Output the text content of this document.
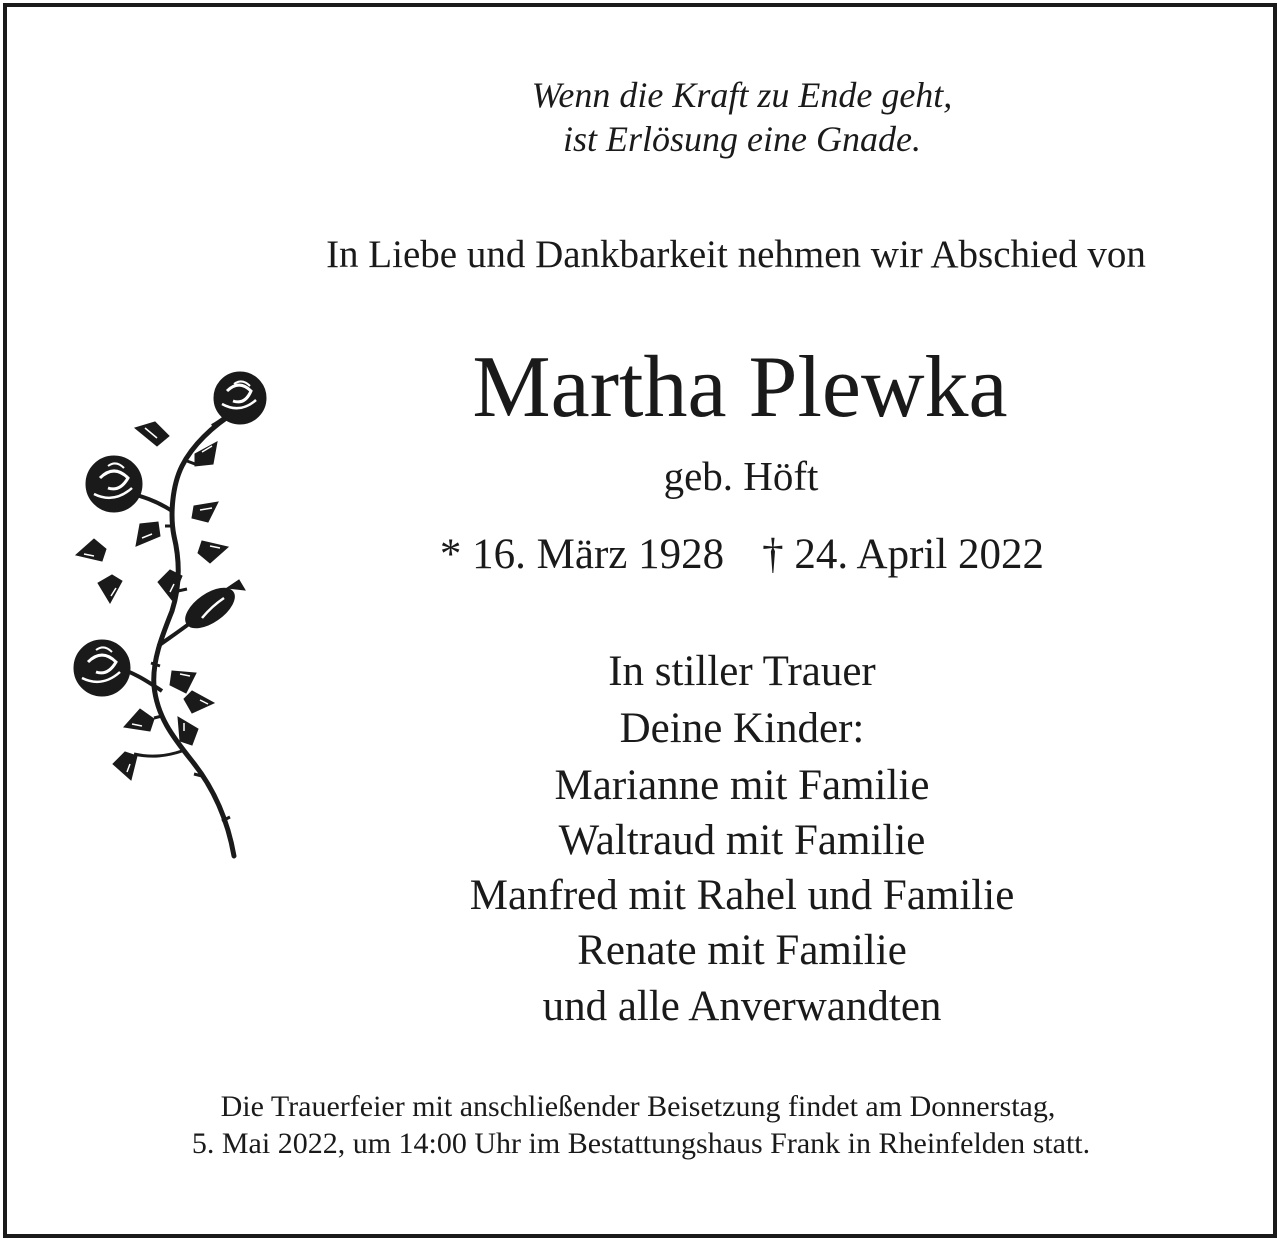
Wenn die Kraft zu Ende geht,
ist Erlösung eine Gnade.
In Liebe und Dankbarkeit nehmen wir Abschied von
Martha Plewka
geb. Höft
* 16. März 1928 † 24. April 2022
In stiller Trauer
Deine Kinder:
Marianne mit Familie
Waltraud mit Familie
Manfred mit Rahel und Familie
Renate mit Familie
und alle Anverwandten
Die Trauerfeier mit anschließender Beisetzung findet am Donnerstag,
5. Mai 2022, um 14:00 Uhr im Bestattungshaus Frank in Rheinfelden statt.
